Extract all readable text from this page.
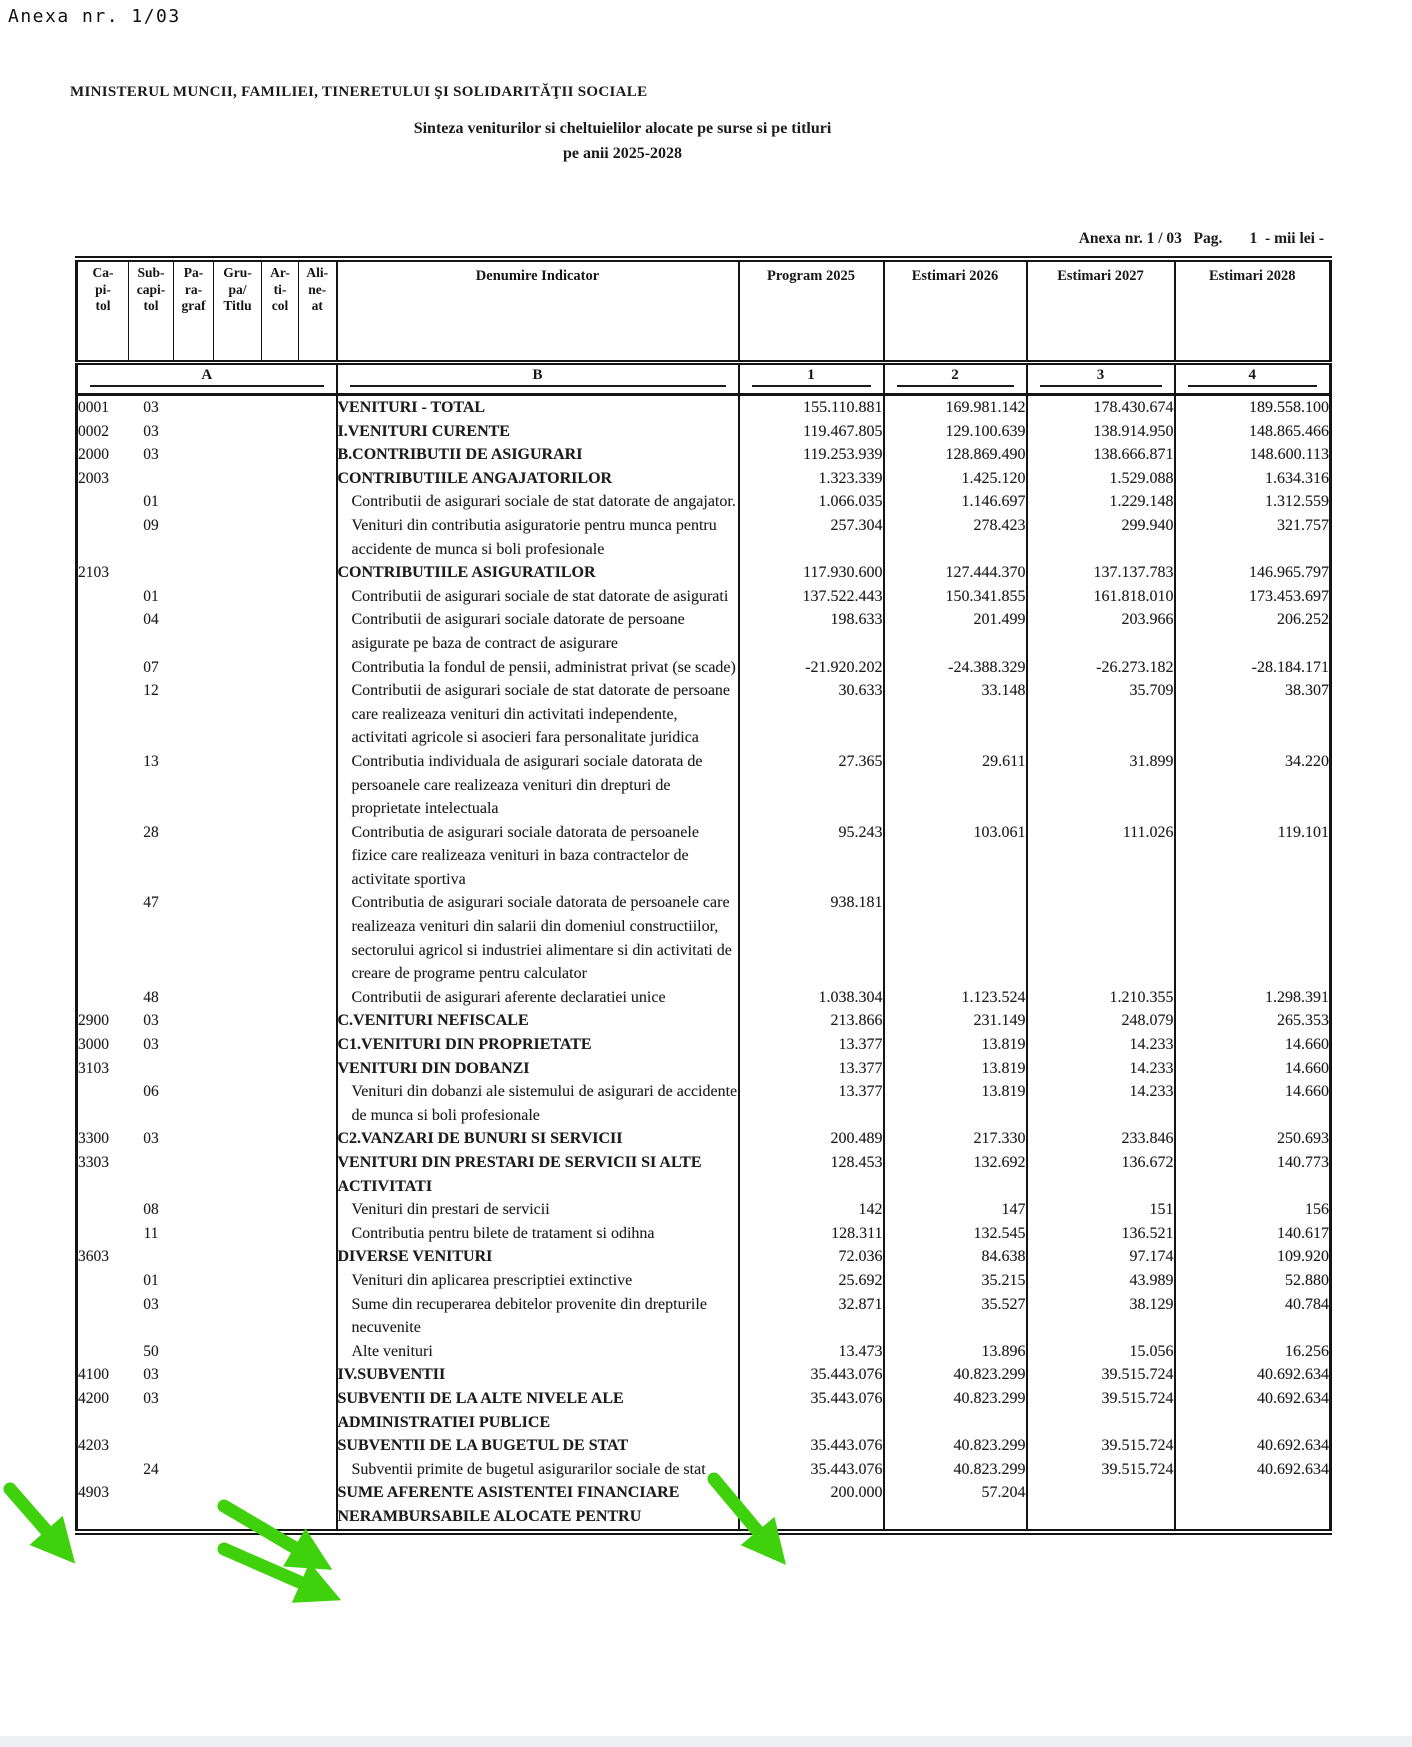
Anexa nr. 1/03
MINISTERUL MUNCII, FAMILIEI, TINERETULUI ŞI SOLIDARITĂŢII SOCIALE
Sinteza veniturilor si cheltuielilor alocate pe surse si pe titluri
pe anii 2025-2028
Anexa nr. 1 / 03   Pag.       1  - mii lei -
Ca-
pi-
tol	Sub-
capi-
tol	Pa-
ra-
graf	Gru-
pa/
Titlu	Ar-
ti-
col	Ali-
ne-
at	Denumire Indicator	Program 2025	Estimari 2026	Estimari 2027	Estimari 2028

A						B	1	2	3	4

0001	03					VENITURI - TOTAL	155.110.881	169.981.142	178.430.674	189.558.100
0002	03					I.VENITURI CURENTE	119.467.805	129.100.639	138.914.950	148.865.466
2000	03					B.CONTRIBUTII DE ASIGURARI	119.253.939	128.869.490	138.666.871	148.600.113
2003						CONTRIBUTIILE ANGAJATORILOR	1.323.339	1.425.120	1.529.088	1.634.316
	01					Contributii de asigurari sociale de stat datorate de angajator.	1.066.035	1.146.697	1.229.148	1.312.559
	09					Venituri din contributia asiguratorie pentru munca pentru accidente de munca si boli profesionale	257.304	278.423	299.940	321.757
2103						CONTRIBUTIILE ASIGURATILOR	117.930.600	127.444.370	137.137.783	146.965.797
	01					Contributii de asigurari sociale de stat datorate de asigurati	137.522.443	150.341.855	161.818.010	173.453.697
	04					Contributii de asigurari sociale datorate de persoane asigurate pe baza de contract de asigurare	198.633	201.499	203.966	206.252
	07					Contributia la fondul de pensii, administrat privat (se scade)	-21.920.202	-24.388.329	-26.273.182	-28.184.171
	12					Contributii de asigurari sociale de stat datorate de persoane care realizeaza venituri din activitati independente, activitati agricole si asocieri fara personalitate juridica	30.633	33.148	35.709	38.307
	13					Contributia individuala de asigurari sociale datorata de persoanele care realizeaza venituri din drepturi de proprietate intelectuala	27.365	29.611	31.899	34.220
	28					Contributia de asigurari sociale datorata de persoanele fizice care realizeaza venituri in baza contractelor de activitate sportiva	95.243	103.061	111.026	119.101
	47					Contributia de asigurari sociale datorata de persoanele care realizeaza venituri din salarii din domeniul constructiilor, sectorului agricol si industriei alimentare si din activitati de creare de programe pentru calculator	938.181			
	48					Contributii de asigurari aferente declaratiei unice	1.038.304	1.123.524	1.210.355	1.298.391
2900	03					C.VENITURI NEFISCALE	213.866	231.149	248.079	265.353
3000	03					C1.VENITURI DIN PROPRIETATE	13.377	13.819	14.233	14.660
3103						VENITURI DIN DOBANZI	13.377	13.819	14.233	14.660
	06					Venituri din dobanzi ale sistemului de asigurari de accidente de munca si boli profesionale	13.377	13.819	14.233	14.660
3300	03					C2.VANZARI DE BUNURI SI SERVICII	200.489	217.330	233.846	250.693
3303						VENITURI DIN PRESTARI DE SERVICII SI ALTE ACTIVITATI	128.453	132.692	136.672	140.773
	08					Venituri din prestari de servicii	142	147	151	156
	11					Contributia pentru bilete de tratament si odihna	128.311	132.545	136.521	140.617
3603						DIVERSE VENITURI	72.036	84.638	97.174	109.920
	01					Venituri din aplicarea prescriptiei extinctive	25.692	35.215	43.989	52.880
	03					Sume din recuperarea debitelor provenite din drepturile necuvenite	32.871	35.527	38.129	40.784
	50					Alte venituri	13.473	13.896	15.056	16.256
4100	03					IV.SUBVENTII	35.443.076	40.823.299	39.515.724	40.692.634
4200	03					SUBVENTII DE LA ALTE NIVELE ALE ADMINISTRATIEI PUBLICE	35.443.076	40.823.299	39.515.724	40.692.634
4203						SUBVENTII DE LA BUGETUL DE STAT	35.443.076	40.823.299	39.515.724	40.692.634
	24					Subventii primite de bugetul asigurarilor sociale de stat	35.443.076	40.823.299	39.515.724	40.692.634
4903						SUME AFERENTE ASISTENTEI FINANCIARE NERAMBURSABILE ALOCATE PENTRU	200.000	57.204		
